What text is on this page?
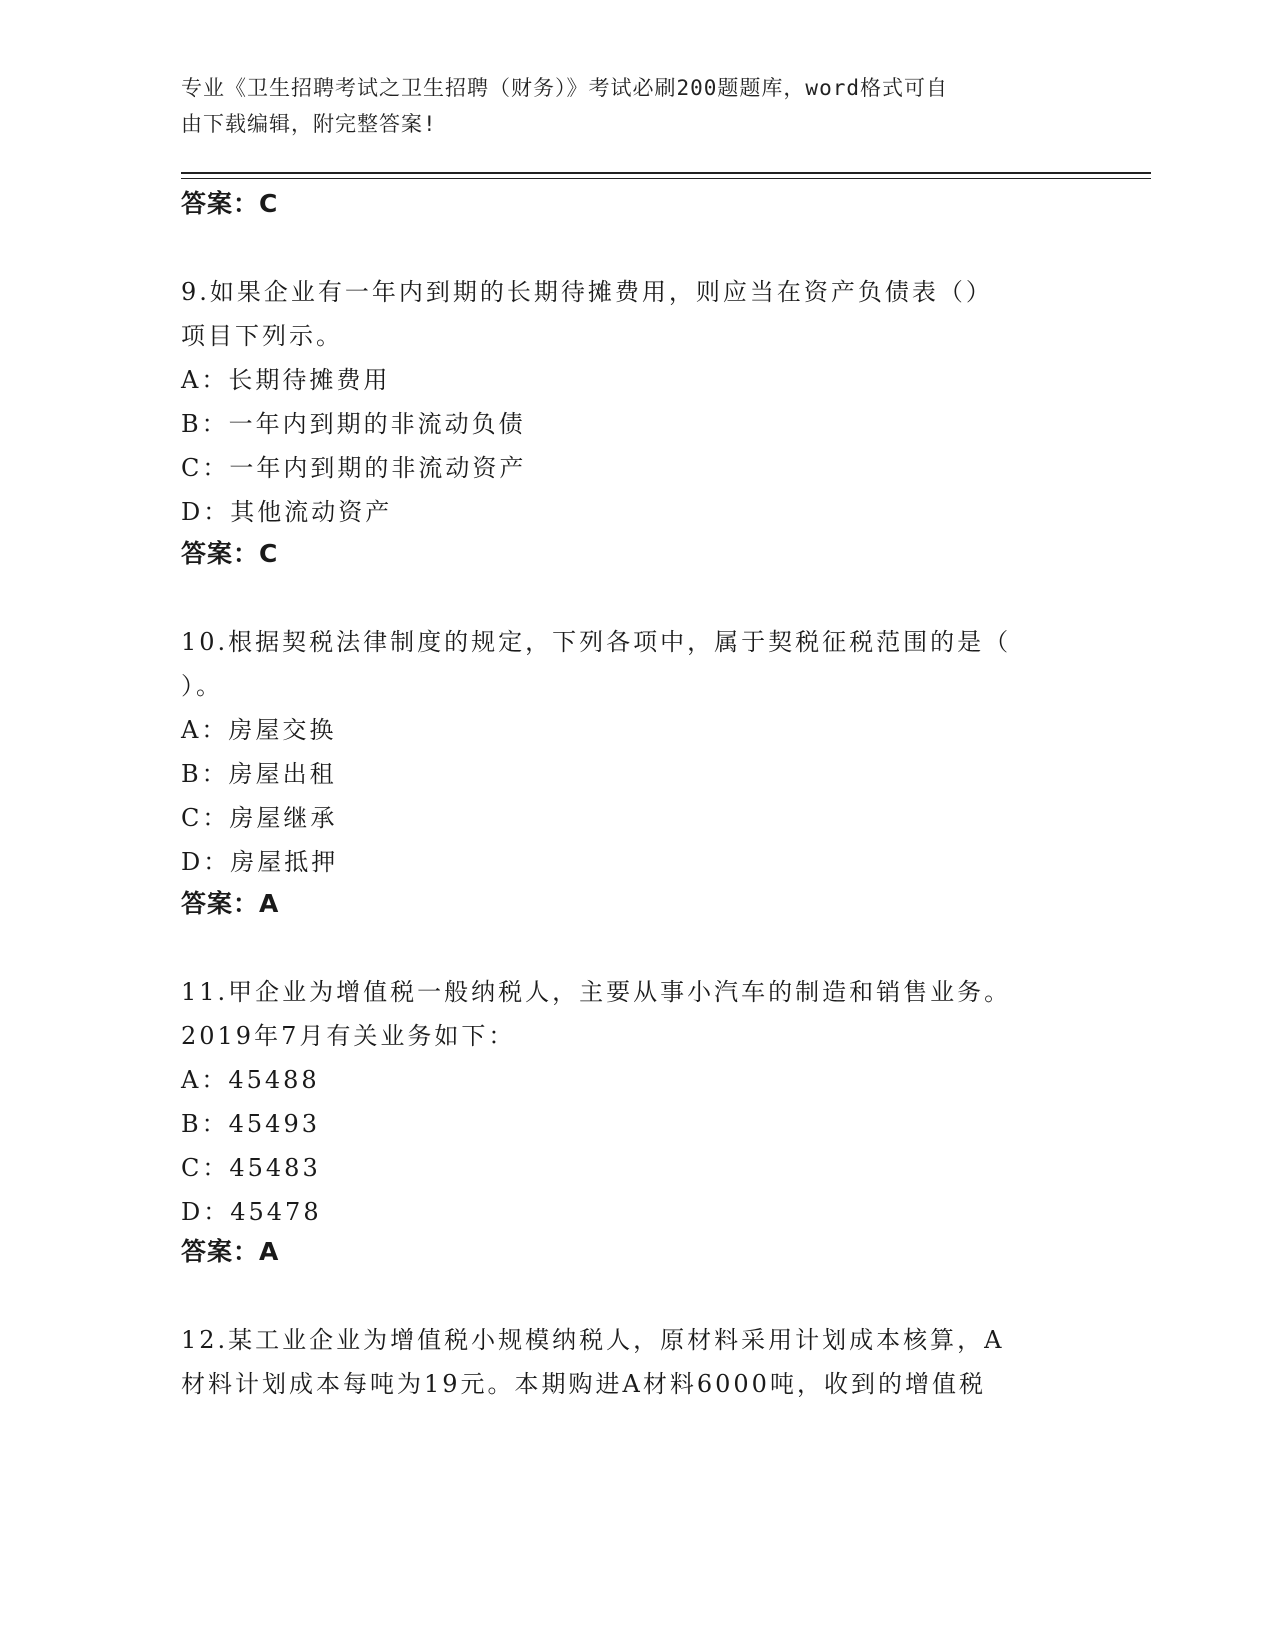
专业《卫生招聘考试之卫生招聘（财务）》考试必刷200题题库，word格式可自
由下载编辑，附完整答案!
答案：C
9.如果企业有一年内到期的长期待摊费用，则应当在资产负债表（）
项目下列示。
A：长期待摊费用
B：一年内到期的非流动负债
C：一年内到期的非流动资产
D：其他流动资产
答案：C
10.根据契税法律制度的规定，下列各项中，属于契税征税范围的是（
）。
A：房屋交换
B：房屋出租
C：房屋继承
D：房屋抵押
答案：A
11.甲企业为增值税一般纳税人，主要从事小汽车的制造和销售业务。
2019年7月有关业务如下：
A：45488
B：45493
C：45483
D：45478
答案：A
12.某工业企业为增值税小规模纳税人，原材料采用计划成本核算，A
材料计划成本每吨为19元。本期购进A材料6000吨，收到的增值税
